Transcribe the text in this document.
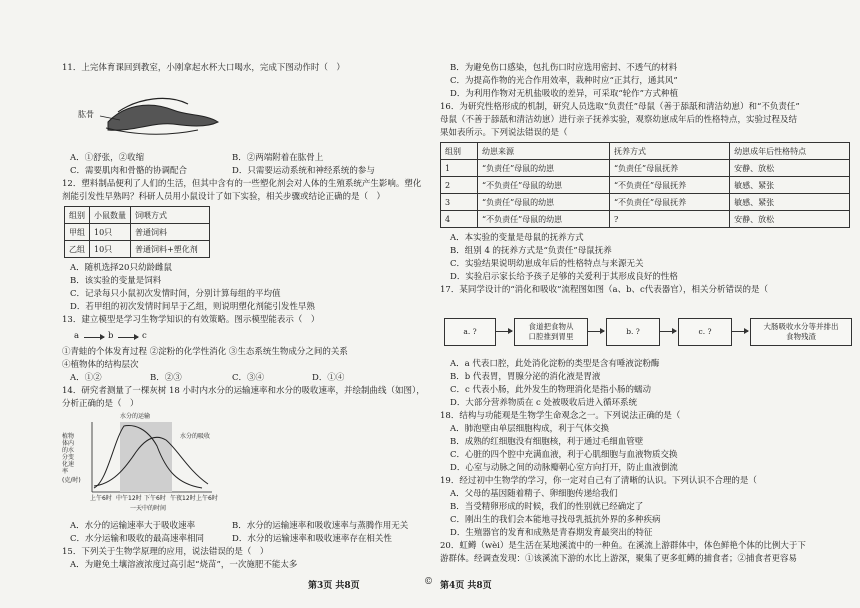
11．上完体育课回到教室，小刚拿起水杯大口喝水，完成下图动作时（　）
肱骨
A．①舒张，②收缩	B．②两端附着在肱骨上
C．需要肌肉和骨骼的协调配合	D．只需要运动系统和神经系统的参与
12．塑料制品便利了人们的生活，但其中含有的一些塑化剂会对人体的生殖系统产生影响。塑化
剂能引发性早熟吗？科研人员用小鼠设计了如下实验，相关步骤或结论正确的是（　）
组别	小鼠数量	饲喂方式
甲组	10只	普通饲料
乙组	10只	普通饲料+塑化剂
A．随机选择20只幼龄雌鼠
B．该实验的变量是饲料
C．记录每只小鼠初次发情时间，分别计算每组的平均值
D．若甲组的初次发情时间早于乙组，则说明塑化剂能引发性早熟
13．建立模型是学习生物学知识的有效策略。图示模型能表示（　）
a	b	c
①青蛙的个体发育过程 ②淀粉的化学性消化 ③生态系统生物成分之间的关系
④植物体的结构层次
A．①②	B．②③	C．③④	D．①④
14．研究者测量了一棵灰树 18 小时内水分的运输速率和水分的吸收速率，并绘制曲线（如图），
分析正确的是（　）
水分的运输
植物
体内
的水
分变
化速
率
(克/时)
水分的吸收
上午6时 中午12时 下午6时 午夜12时 上午6时
一天中的时间
A．水分的运输速率大于吸收速率	B．水分的运输速率和吸收速率与蒸腾作用无关
C．水分运输和吸收的最高速率相同	D．水分的运输速率和吸收速率存在相关性
15．下列关于生物学原理的应用，说法错误的是（　）
A．为避免土壤溶液浓度过高引起“烧苗”，一次施肥不能太多
第3页 共8页	©
B．为避免伤口感染，包扎伤口时应选用密封、不透气的材料
C．为提高作物的光合作用效率，栽种时应“正其行，通其风”
D．为利用作物对无机盐吸收的差异，可采取“轮作”方式种植
16．为研究性格形成的机制，研究人员选取“负责任”母鼠（善于舔舐和清洁幼崽）和“不负责任”
母鼠（不善于舔舐和清洁幼崽）进行亲子抚养实验，观察幼崽成年后的性格特点，实验过程及结
果如表所示。下列说法错误的是（
组别	幼崽来源	抚养方式	幼崽成年后性格特点
1	“负责任”母鼠的幼崽	“负责任”母鼠抚养	安静、放松
2	“不负责任”母鼠的幼崽	“不负责任”母鼠抚养	敏感、紧张
3	“负责任”母鼠的幼崽	“不负责任”母鼠抚养	敏感、紧张
4	“不负责任”母鼠的幼崽	?	安静、放松
A．本实验的变量是母鼠的抚养方式
B．组别 4 的抚养方式是“负责任”母鼠抚养
C．实验结果说明幼崽成年后的性格特点与来源无关
D．实验启示家长给予孩子足够的关爱利于其形成良好的性格
17．某同学设计的“消化和吸收”流程图如图（a、b、c代表器官），相关分析错误的是（
a. ?
食道把食物从
口腔推到胃里
b. ?	c. ?
大肠吸收水分等并排出
食物残渣
A．a 代表口腔，此处消化淀粉的类型是含有唾液淀粉酶
B．b 代表胃，胃腺分泌的消化液是胃液
C．c 代表小肠，此外发生的物理消化是指小肠的蠕动
D．大部分营养物质在 c 处被吸收后进入循环系统
18．结构与功能观是生物学生命观念之一。下列说法正确的是（
A．肺泡壁由单层细胞构成，利于气体交换
B．成熟的红细胞没有细胞核，利于通过毛细血管壁
C．心脏的四个腔中充满血液，利于心肌细胞与血液物质交换
D．心室与动脉之间的动脉瓣朝心室方向打开，防止血液倒流
19．经过初中生物学的学习，你一定对自己有了清晰的认识。下列认识不合理的是（
A．父母的基因随着精子、卵细胞传递给我们
B．当受精卵形成的时候，我们的性别就已经确定了
C．刚出生的我们会本能地寻找母乳抵抗外界的多种疾病
D．生殖器官的发育和成熟是青春期发育最突出的特征
20．虹鳟（wèi）是生活在某地溪流中的一种鱼。在溪流上游群体中，体色鲜艳个体的比例大于下
游群体。经调查发现：①该溪流下游的水比上游深，聚集了更多虹鳟的捕食者；②捕食者更容易
第4页 共8页
